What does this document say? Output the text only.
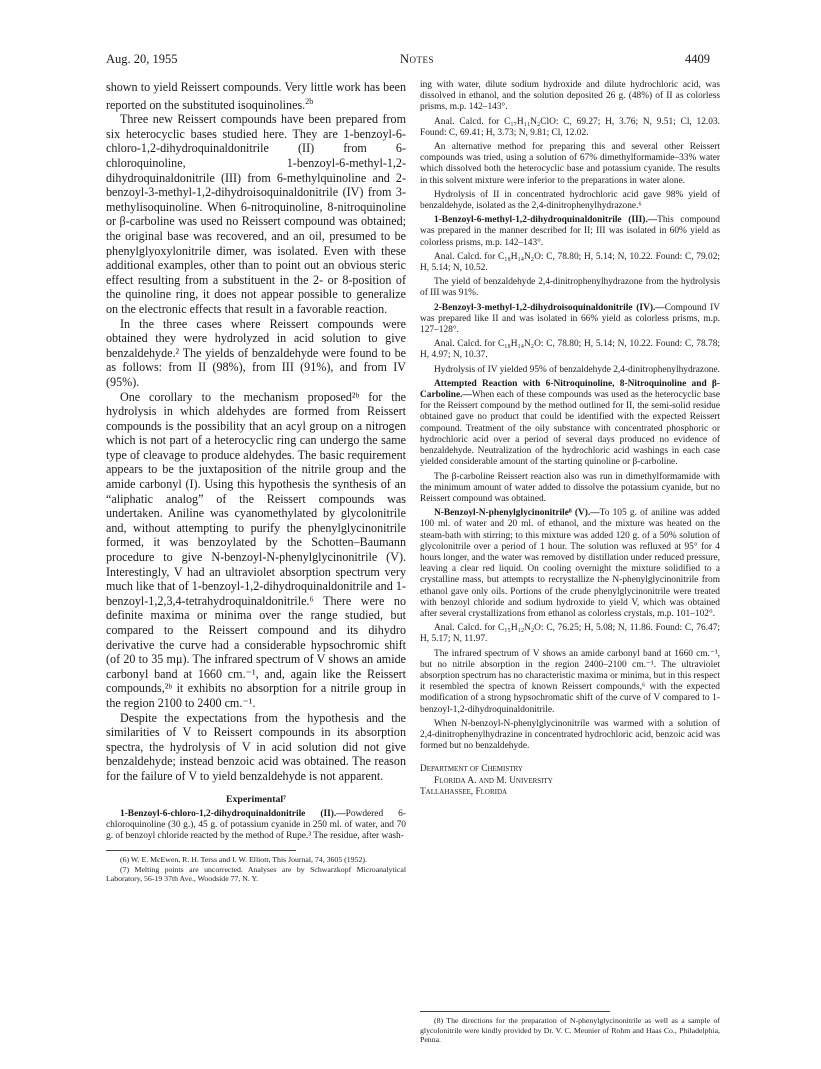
Aug. 20, 1955	Notes	4409

shown to yield Reissert compounds. Very little work has been reported on the substituted isoquinolines.$^{2b}$

Three new Reissert compounds have been prepared from six heterocyclic bases studied here. They are 1-benzoyl-6-chloro-1,2-dihydroquinaldonitrile (II) from 6-chloroquinoline, 1-benzoyl-6-methyl-1,2-dihydroquinaldonitrile (III) from 6-methylquinoline and 2-benzoyl-3-methyl-1,2-dihydroisoquinaldonitrile (IV) from 3-methylisoquinoline. When 6-nitroquinoline, 8-nitroquinoline or β-carboline was used no Reissert compound was obtained; the original base was recovered, and an oil, presumed to be phenylglyoxylonitrile dimer, was isolated. Even with these additional examples, other than to point out an obvious steric effect resulting from a substituent in the 2- or 8-position of the quinoline ring, it does not appear possible to generalize on the electronic effects that result in a favorable reaction.

In the three cases where Reissert compounds were obtained they were hydrolyzed in acid solution to give benzaldehyde.² The yields of benzaldehyde were found to be as follows: from II (98%), from III (91%), and from IV (95%).

One corollary to the mechanism proposed²ᵇ for the hydrolysis in which aldehydes are formed from Reissert compounds is the possibility that an acyl group on a nitrogen which is not part of a heterocyclic ring can undergo the same type of cleavage to produce aldehydes. The basic requirement appears to be the juxtaposition of the nitrile group and the amide carbonyl (I). Using this hypothesis the synthesis of an “aliphatic analog” of the Reissert compounds was undertaken. Aniline was cyanomethylated by glycolonitrile and, without attempting to purify the phenylglycinonitrile formed, it was benzoylated by the Schotten–Baumann procedure to give N-benzoyl-N-phenylglycinonitrile (V). Interestingly, V had an ultraviolet absorption spectrum very much like that of 1-benzoyl-1,2-dihydroquinaldonitrile and 1-benzoyl-1,2,3,4-tetrahydroquinaldonitrile.⁶ There were no definite maxima or minima over the range studied, but compared to the Reissert compound and its dihydro derivative the curve had a considerable hypsochromic shift (of 20 to 35 mμ). The infrared spectrum of V shows an amide carbonyl band at 1660 cm.⁻¹, and, again like the Reissert compounds,²ᵇ it exhibits no absorption for a nitrile group in the region 2100 to 2400 cm.⁻¹.

Despite the expectations from the hypothesis and the similarities of V to Reissert compounds in its absorption spectra, the hydrolysis of V in acid solution did not give benzaldehyde; instead benzoic acid was obtained. The reason for the failure of V to yield benzaldehyde is not apparent.

Experimental⁷

1-Benzoyl-6-chloro-1,2-dihydroquinaldonitrile (II).—Powdered 6-chloroquinoline (30 g.), 45 g. of potassium cyanide in 250 ml. of water, and 70 g. of benzoyl chloride reacted by the method of Rupe.³ The residue, after wash-

(6) W. E. McEwen, R. H. Terss and I. W. Elliott, This Journal, 74, 3605 (1952).

(7) Melting points are uncorrected. Analyses are by Schwarzkopf Microanalytical Laboratory, 56-19 37th Ave., Woodside 77, N. Y.

ing with water, dilute sodium hydroxide and dilute hydrochloric acid, was dissolved in ethanol, and the solution deposited 26 g. (48%) of II as colorless prisms, m.p. 142–143°.

Anal. Calcd. for C₁₇H₁₁N₂ClO: C, 69.27; H, 3.76; N, 9.51; Cl, 12.03. Found: C, 69.41; H, 3.73; N, 9.81; Cl, 12.02.

An alternative method for preparing this and several other Reissert compounds was tried, using a solution of 67% dimethylformamide–33% water which dissolved both the heterocyclic base and potassium cyanide. The results in this solvent mixture were inferior to the preparations in water alone.

Hydrolysis of II in concentrated hydrochloric acid gave 98% yield of benzaldehyde, isolated as the 2,4-dinitrophenylhydrazone.⁶

1-Benzoyl-6-methyl-1,2-dihydroquinaldonitrile (III).—This compound was prepared in the manner described for II; III was isolated in 60% yield as colorless prisms, m.p. 142–143°.

Anal. Calcd. for C₁₈H₁₄N₂O: C, 78.80; H, 5.14; N, 10.22. Found: C, 79.02; H, 5.14; N, 10.52.

The yield of benzaldehyde 2,4-dinitrophenylhydrazone from the hydrolysis of III was 91%.

2-Benzoyl-3-methyl-1,2-dihydroisoquinaldonitrile (IV).—Compound IV was prepared like II and was isolated in 66% yield as colorless prisms, m.p. 127–128°.

Anal. Calcd. for C₁₈H₁₄N₂O: C, 78.80; H, 5.14; N, 10.22. Found: C, 78.78; H, 4.97; N, 10.37.

Hydrolysis of IV yielded 95% of benzaldehyde 2,4-dinitrophenylhydrazone.

Attempted Reaction with 6-Nitroquinoline, 8-Nitroquinoline and β-Carboline.—When each of these compounds was used as the heterocyclic base for the Reissert compound by the method outlined for II, the semi-solid residue obtained gave no product that could be identified with the expected Reissert compound. Treatment of the oily substance with concentrated phosphoric or hydrochloric acid over a period of several days produced no evidence of benzaldehyde. Neutralization of the hydrochloric acid washings in each case yielded considerable amount of the starting quinoline or β-carboline.

The β-carboline Reissert reaction also was run in dimethylformamide with the minimum amount of water added to dissolve the potassium cyanide, but no Reissert compound was obtained.

N-Benzoyl-N-phenylglycinonitrile⁸ (V).—To 105 g. of aniline was added 100 ml. of water and 20 ml. of ethanol, and the mixture was heated on the steam-bath with stirring; to this mixture was added 120 g. of a 50% solution of glycolonitrile over a period of 1 hour. The solution was refluxed at 95° for 4 hours longer, and the water was removed by distillation under reduced pressure, leaving a clear red liquid. On cooling overnight the mixture solidified to a crystalline mass, but attempts to recrystallize the N-phenylglycinonitrile from ethanol gave only oils. Portions of the crude phenylglycinonitrile were treated with benzoyl chloride and sodium hydroxide to yield V, which was obtained after several crystallizations from ethanol as colorless crystals, m.p. 101–102°.

Anal. Calcd. for C₁₅H₁₂N₂O: C, 76.25; H, 5.08; N, 11.86. Found: C, 76.47; H, 5.17; N, 11.97.

The infrared spectrum of V shows an amide carbonyl band at 1660 cm.⁻¹, but no nitrile absorption in the region 2400–2100 cm.⁻¹. The ultraviolet absorption spectrum has no characteristic maxima or minima, but in this respect it resembled the spectra of known Reissert compounds,⁶ with the expected modification of a strong hypsochromatic shift of the curve of V compared to 1-benzoyl-1,2-dihydroquinaldonitrile.

When N-benzoyl-N-phenylglycinonitrile was warmed with a solution of 2,4-dinitrophenylhydrazine in concentrated hydrochloric acid, benzoic acid was formed but no benzaldehyde.

Department of Chemistry
Florida A. and M. University
Tallahassee, Florida

(8) The directions for the preparation of N-phenylglycinonitrile as well as a sample of glycolonitrile were kindly provided by Dr. V. C. Meunier of Rohm and Haas Co., Philadelphia, Penna.
